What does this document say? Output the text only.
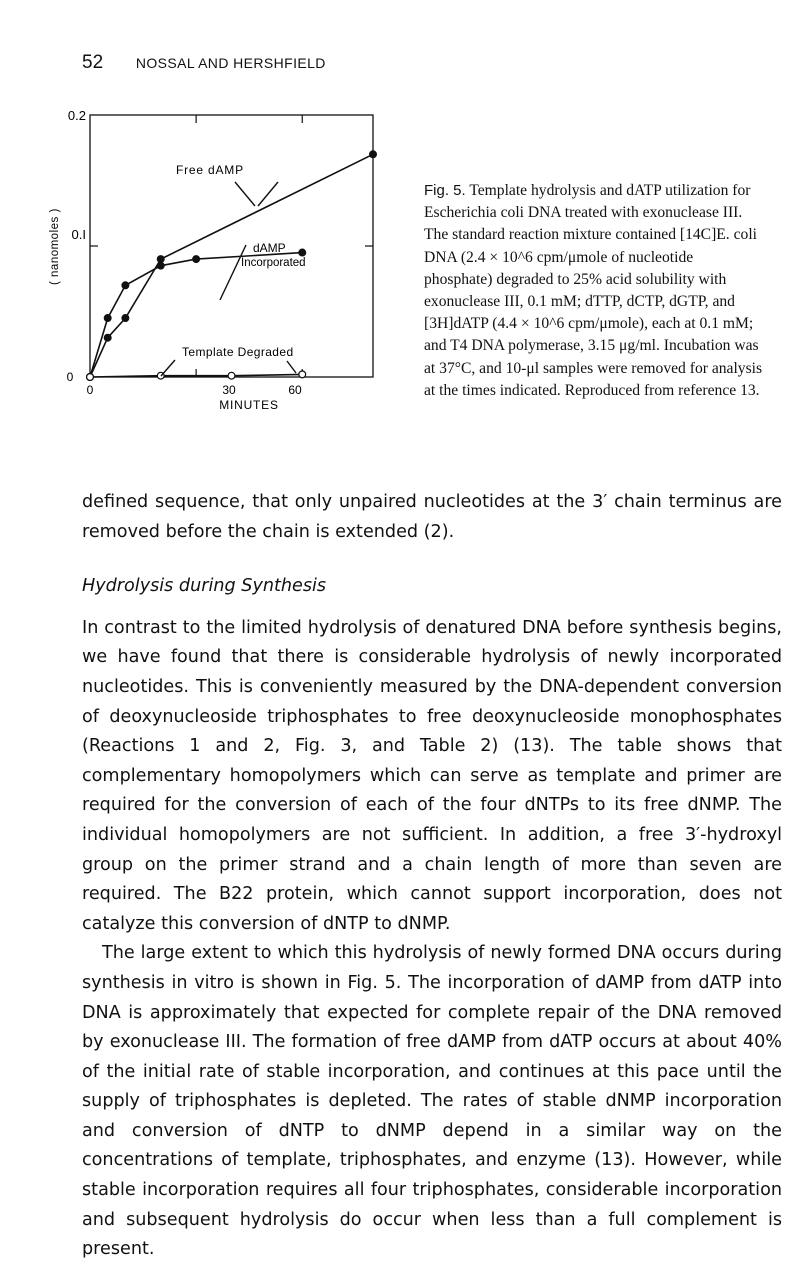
52 NOSSAL AND HERSHFIELD
0.2
0.I
0
0	30	60
MINUTES
( nanomoles )
Free dAMP
dAMP
Incorporated
Template Degraded
Fig. 5. Template hydrolysis and dATP utilization for Escherichia coli DNA treated with exonuclease III. The standard reaction mixture contained [14C]E. coli DNA (2.4 × 10^6 cpm/μmole of nucleotide phosphate) degraded to 25% acid solubility with exonuclease III, 0.1 mM; dTTP, dCTP, dGTP, and [3H]dATP (4.4 × 10^6 cpm/μmole), each at 0.1 mM; and T4 DNA polymerase, 3.15 μg/ml. Incubation was at 37°C, and 10-μl samples were removed for analysis at the times indicated. Reproduced from reference 13.

defined sequence, that only unpaired nucleotides at the 3′ chain terminus are removed before the chain is extended (2).

Hydrolysis during Synthesis

In contrast to the limited hydrolysis of denatured DNA before synthesis begins, we have found that there is considerable hydrolysis of newly incorporated nucleotides. This is conveniently measured by the DNA-dependent conversion of deoxynucleoside triphosphates to free deoxynucleoside monophosphates (Reactions 1 and 2, Fig. 3, and Table 2) (13). The table shows that complementary homopolymers which can serve as template and primer are required for the conversion of each of the four dNTPs to its free dNMP. The individual homopolymers are not sufficient. In addition, a free 3′-hydroxyl group on the primer strand and a chain length of more than seven are required. The B22 protein, which cannot support incorporation, does not catalyze this conversion of dNTP to dNMP.

The large extent to which this hydrolysis of newly formed DNA occurs during synthesis in vitro is shown in Fig. 5. The incorporation of dAMP from dATP into DNA is approximately that expected for complete repair of the DNA removed by exonuclease III. The formation of free dAMP from dATP occurs at about 40% of the initial rate of stable incorporation, and continues at this pace until the supply of triphosphates is depleted. The rates of stable dNMP incorporation and conversion of dNTP to dNMP depend in a similar way on the concentrations of template, triphosphates, and enzyme (13). However, while stable incorporation requires all four triphosphates, considerable incorporation and subsequent hydrolysis do occur when less than a full complement is present.
